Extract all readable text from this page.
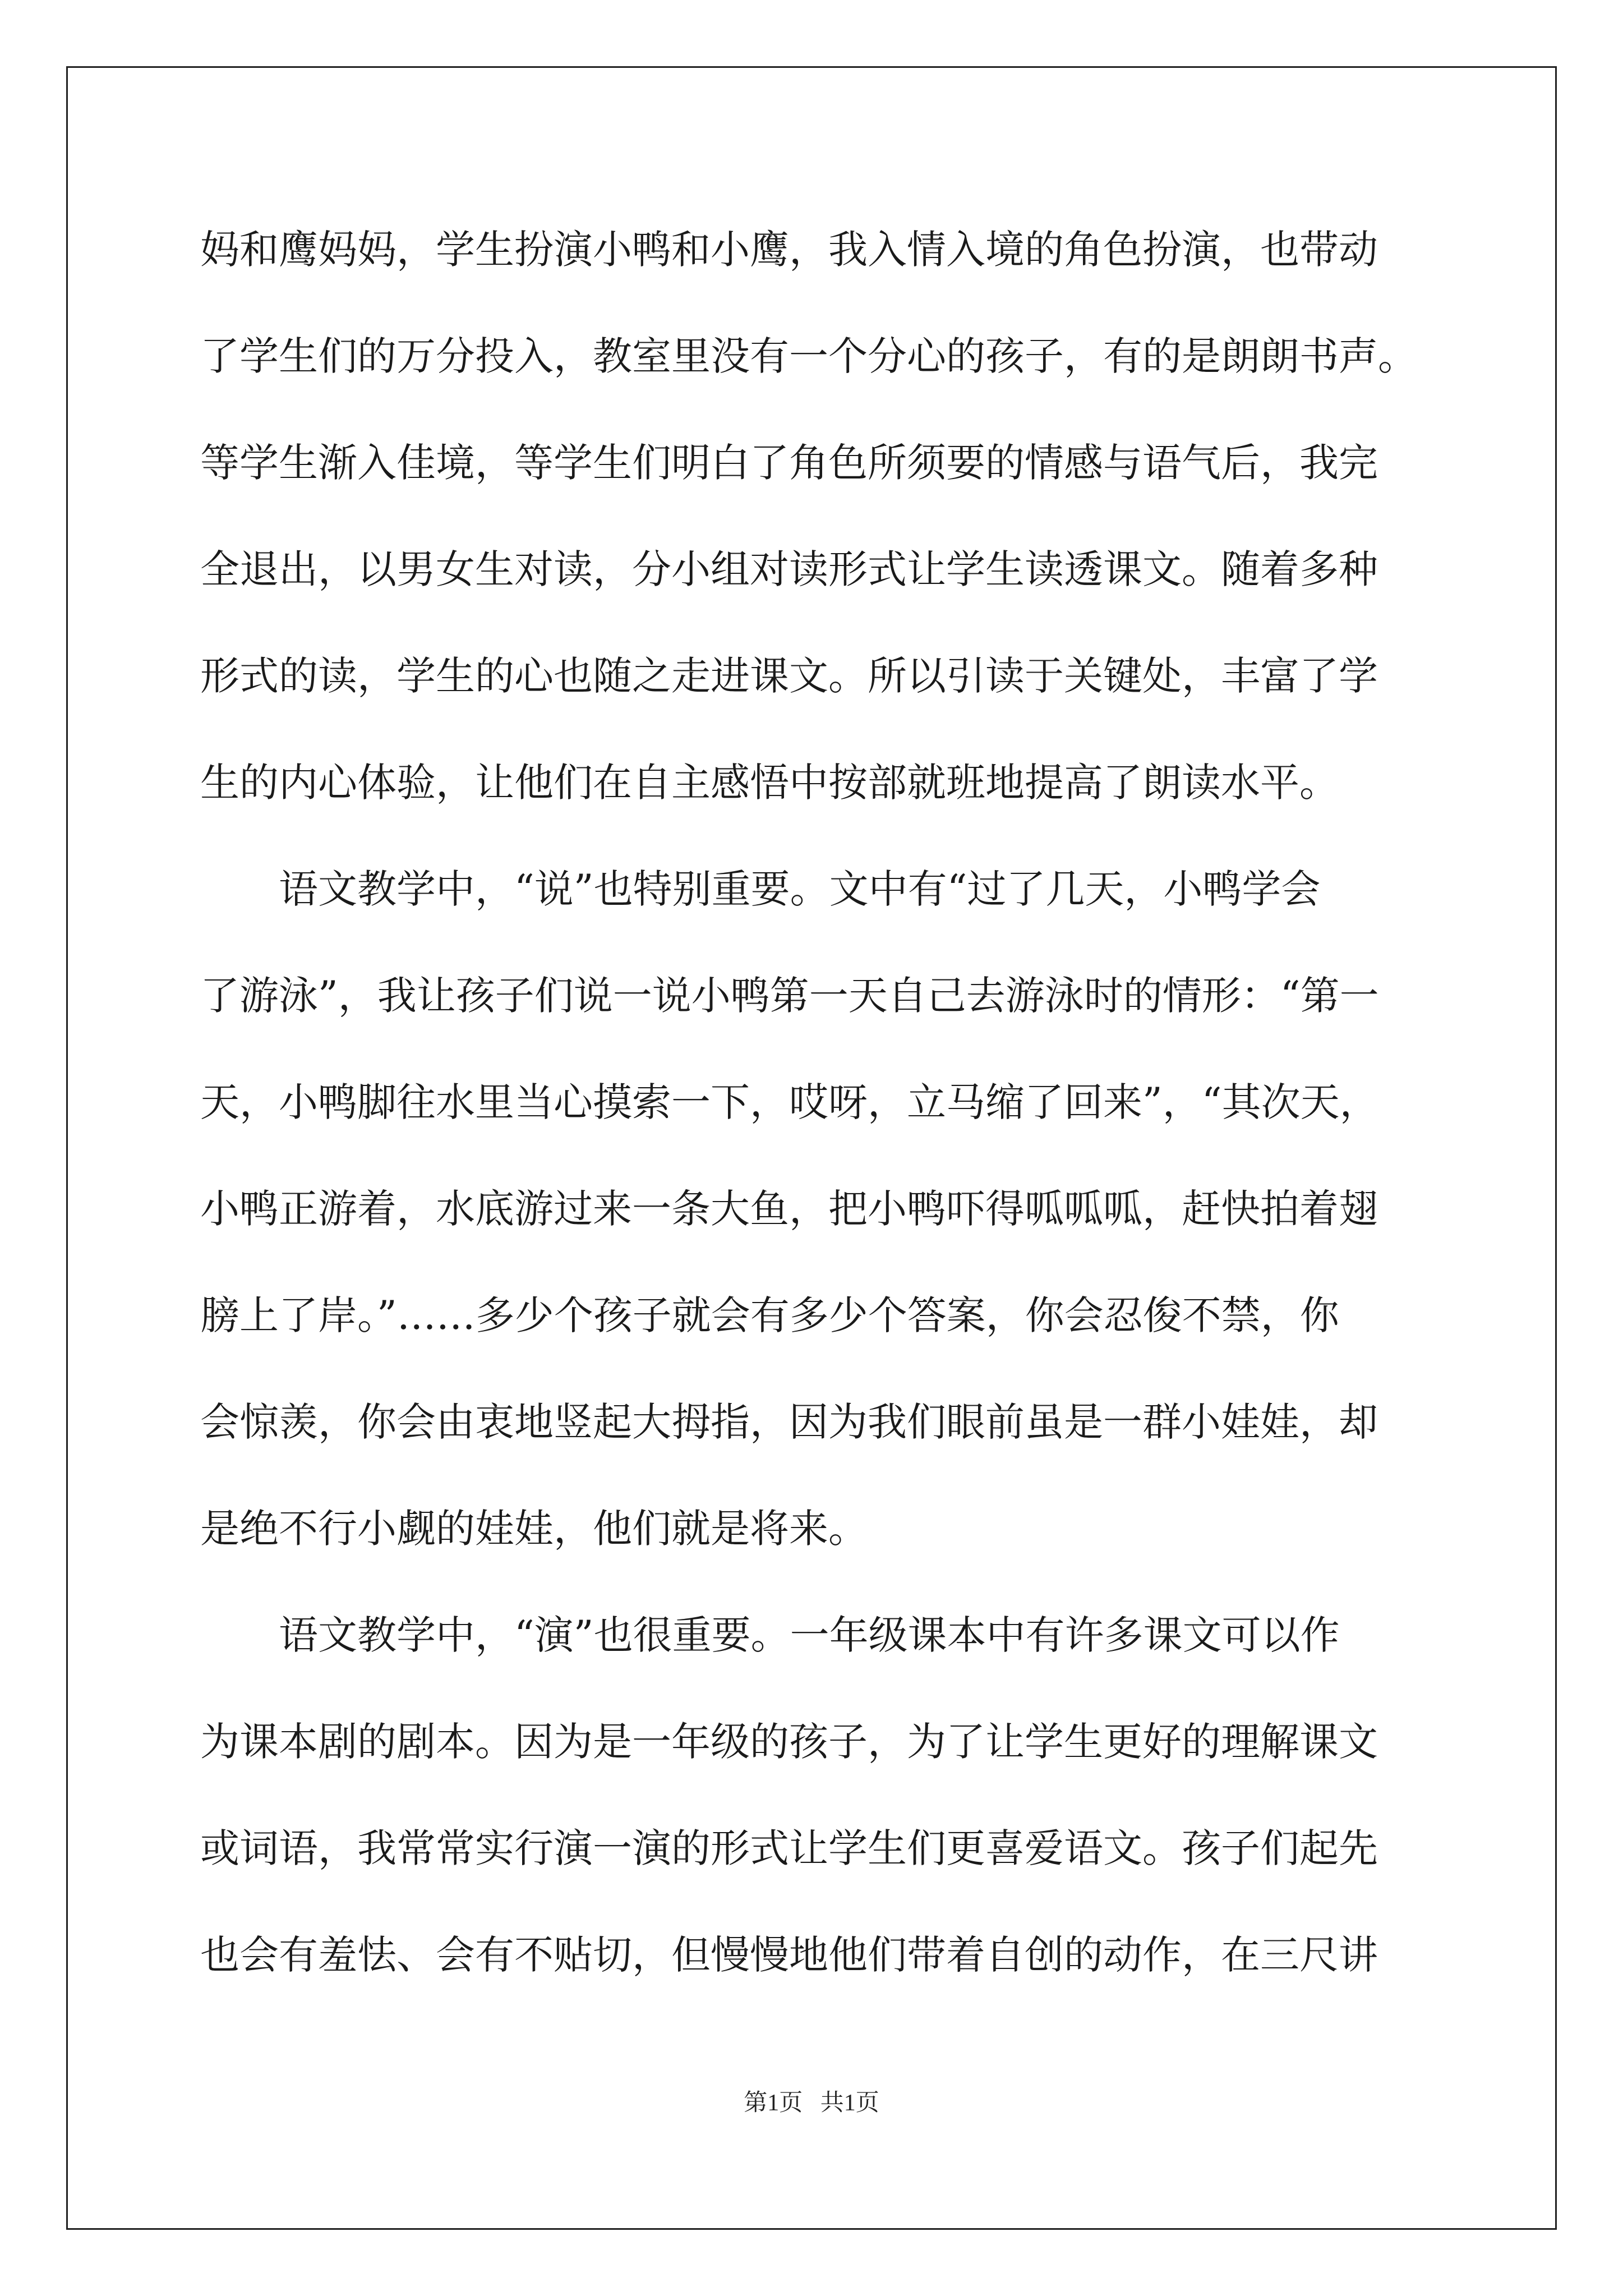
妈和鹰妈妈，学生扮演小鸭和小鹰，我入情入境的角色扮演，也带动
了学生们的万分投入，教室里没有一个分心的孩子，有的是朗朗书声。
等学生渐入佳境，等学生们明白了角色所须要的情感与语气后，我完
全退出，以男女生对读，分小组对读形式让学生读透课文。随着多种
形式的读，学生的心也随之走进课文。所以引读于关键处，丰富了学
生的内心体验，让他们在自主感悟中按部就班地提高了朗读水平。
语文教学中，“说”也特别重要。文中有“过了几天，小鸭学会
了游泳”，我让孩子们说一说小鸭第一天自己去游泳时的情形：“第一
天，小鸭脚往水里当心摸索一下，哎呀，立马缩了回来”，“其次天，
小鸭正游着，水底游过来一条大鱼，把小鸭吓得呱呱呱，赶快拍着翅
膀上了岸。”……多少个孩子就会有多少个答案，你会忍俊不禁，你
会惊羡，你会由衷地竖起大拇指，因为我们眼前虽是一群小娃娃，却
是绝不行小觑的娃娃，他们就是将来。
语文教学中，“演”也很重要。一年级课本中有许多课文可以作
为课本剧的剧本。因为是一年级的孩子，为了让学生更好的理解课文
或词语，我常常实行演一演的形式让学生们更喜爱语文。孩子们起先
也会有羞怯、会有不贴切，但慢慢地他们带着自创的动作，在三尺讲
第1页   共1页
